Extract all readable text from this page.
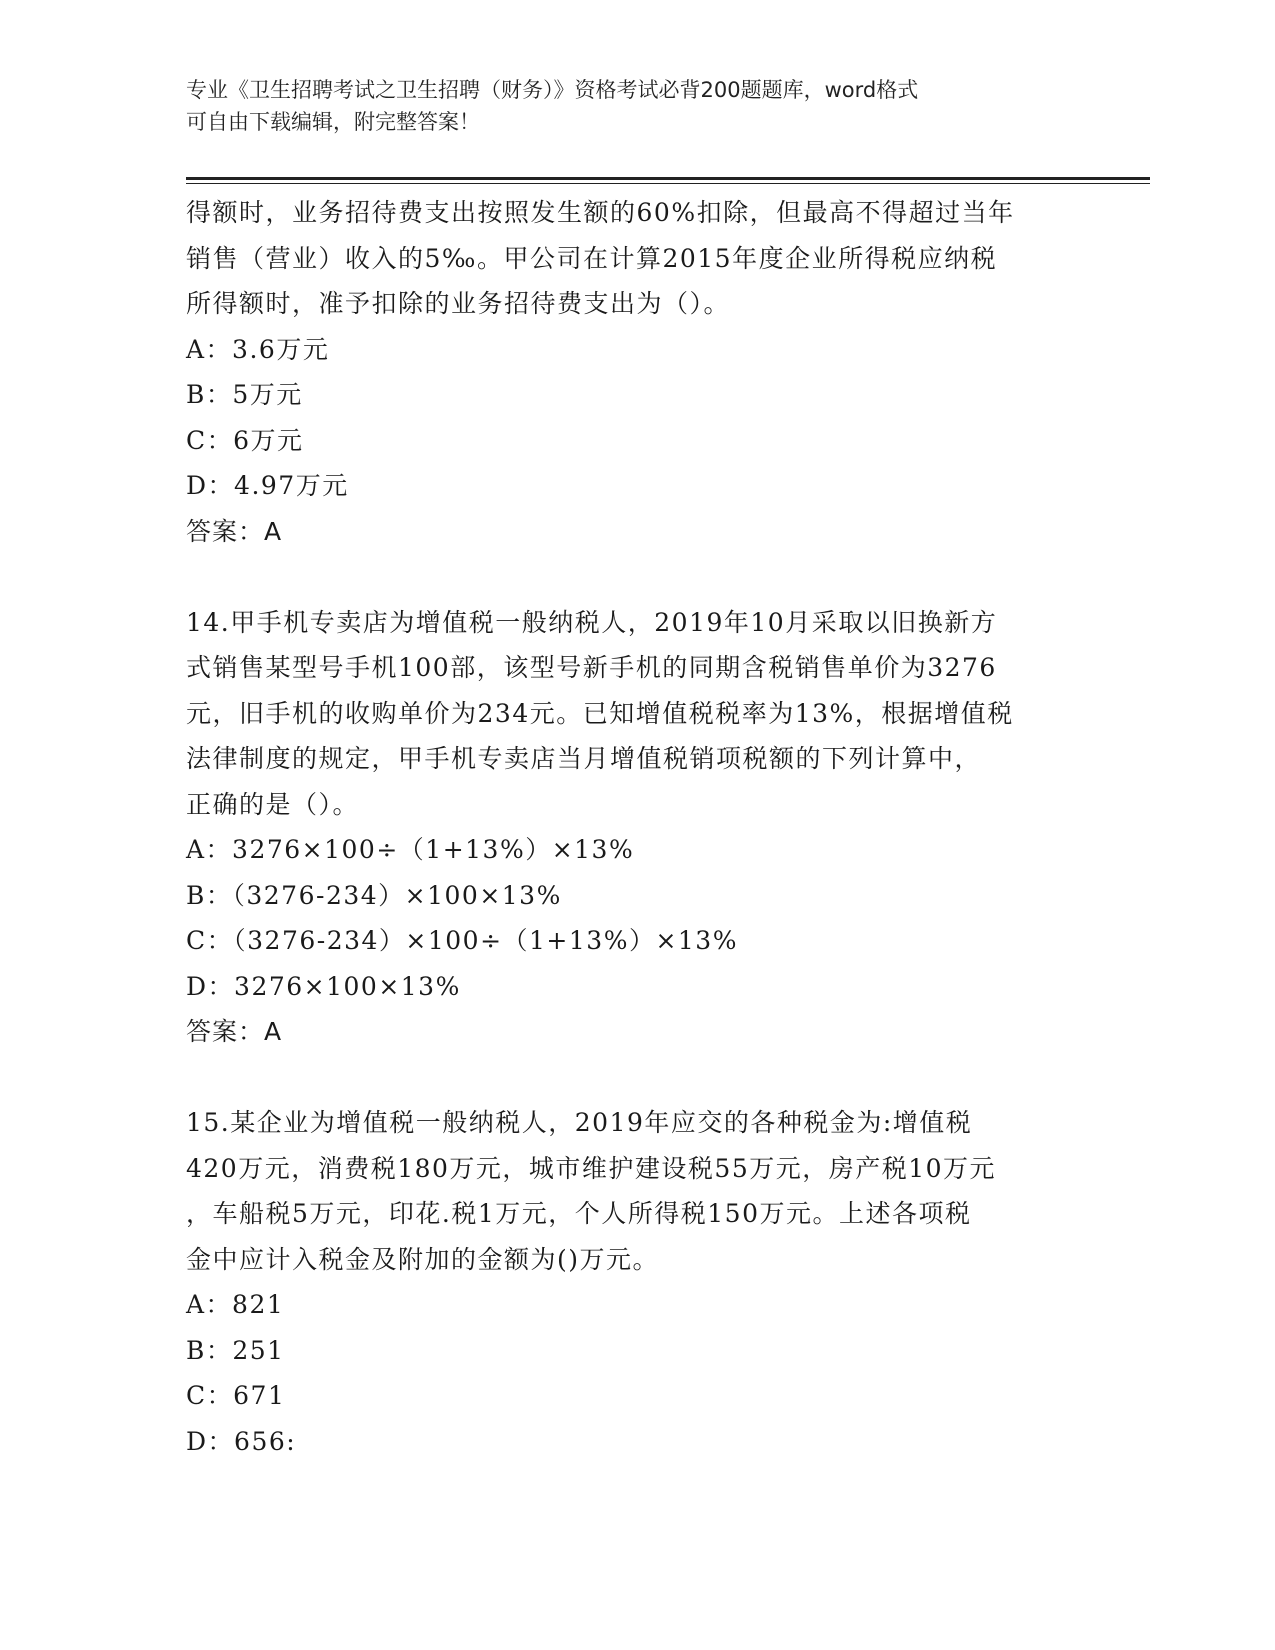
专业《卫生招聘考试之卫生招聘（财务）》资格考试必背200题题库，word格式
可自由下载编辑，附完整答案！
得额时，业务招待费支出按照发生额的60%扣除，但最高不得超过当年
销售（营业）收入的5‰。甲公司在计算2015年度企业所得税应纳税
所得额时，准予扣除的业务招待费支出为（）。
A：3.6万元
B：5万元
C：6万元
D：4.97万元
答案：A
14.甲手机专卖店为增值税一般纳税人，2019年10月采取以旧换新方
式销售某型号手机100部，该型号新手机的同期含税销售单价为3276
元，旧手机的收购单价为234元。已知增值税税率为13%，根据增值税
法律制度的规定，甲手机专卖店当月增值税销项税额的下列计算中，
正确的是（）。
A：3276×100÷（1+13%）×13%
B：（3276-234）×100×13%
C：（3276-234）×100÷（1+13%）×13%
D：3276×100×13%
答案：A
15.某企业为增值税一般纳税人，2019年应交的各种税金为:增值税
420万元，消费税180万元，城市维护建设税55万元，房产税10万元
，车船税5万元，印花.税1万元，个人所得税150万元。上述各项税
金中应计入税金及附加的金额为()万元。
A：821
B：251
C：671
D：656:
